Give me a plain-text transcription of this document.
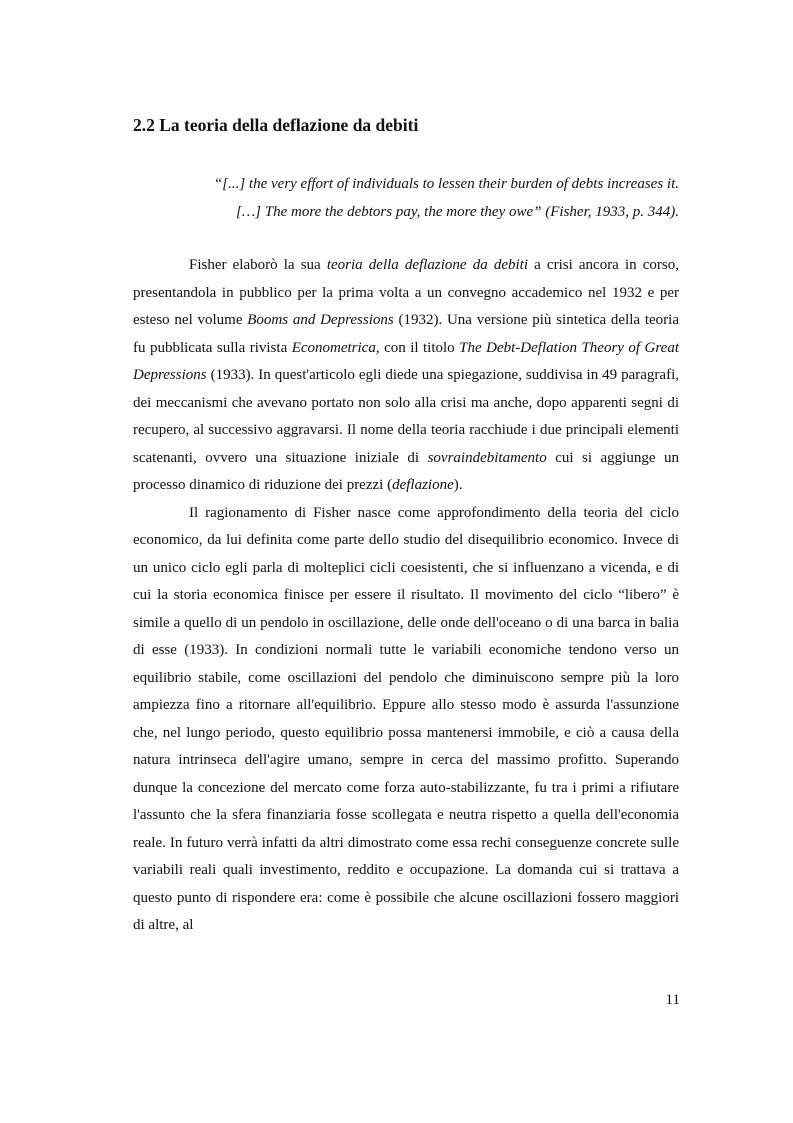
2.2 La teoria della deflazione da debiti

“[...] the very effort of individuals to lessen their burden of debts increases it. […] The more the debtors pay, the more they owe” (Fisher, 1933, p. 344).

Fisher elaborò la sua teoria della deflazione da debiti a crisi ancora in corso, presentandola in pubblico per la prima volta a un convegno accademico nel 1932 e per esteso nel volume Booms and Depressions (1932). Una versione più sintetica della teoria fu pubblicata sulla rivista Econometrica, con il titolo The Debt-Deflation Theory of Great Depressions (1933). In quest'articolo egli diede una spiegazione, suddivisa in 49 paragrafi, dei meccanismi che avevano portato non solo alla crisi ma anche, dopo apparenti segni di recupero, al successivo aggravarsi. Il nome della teoria racchiude i due principali elementi scatenanti, ovvero una situazione iniziale di sovraindebitamento cui si aggiunge un processo dinamico di riduzione dei prezzi (deflazione).

Il ragionamento di Fisher nasce come approfondimento della teoria del ciclo economico, da lui definita come parte dello studio del disequilibrio economico. Invece di un unico ciclo egli parla di molteplici cicli coesistenti, che si influenzano a vicenda, e di cui la storia economica finisce per essere il risultato. Il movimento del ciclo “libero” è simile a quello di un pendolo in oscillazione, delle onde dell'oceano o di una barca in balia di esse (1933). In condizioni normali tutte le variabili economiche tendono verso un equilibrio stabile, come oscillazioni del pendolo che diminuiscono sempre più la loro ampiezza fino a ritornare all'equilibrio. Eppure allo stesso modo è assurda l'assunzione che, nel lungo periodo, questo equilibrio possa mantenersi immobile, e ciò a causa della natura intrinseca dell'agire umano, sempre in cerca del massimo profitto. Superando dunque la concezione del mercato come forza auto-stabilizzante, fu tra i primi a rifiutare l'assunto che la sfera finanziaria fosse scollegata e neutra rispetto a quella dell'economia reale. In futuro verrà infatti da altri dimostrato come essa rechi conseguenze concrete sulle variabili reali quali investimento, reddito e occupazione. La domanda cui si trattava a questo punto di rispondere era: come è possibile che alcune oscillazioni fossero maggiori di altre, al

11
